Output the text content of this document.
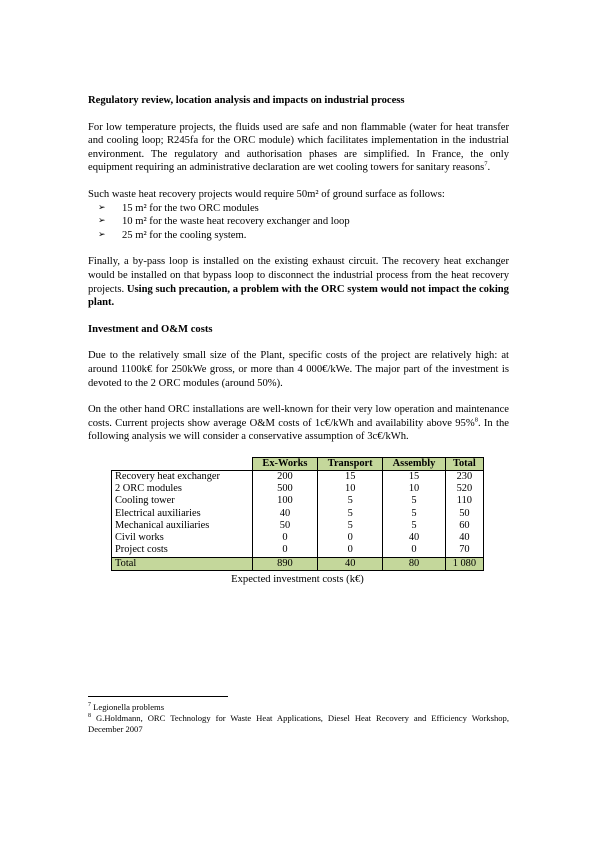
Regulatory review, location analysis and impacts on industrial process

For low temperature projects, the fluids used are safe and non flammable (water for heat transfer and cooling loop; R245fa for the ORC module) which facilitates implementation in the industrial environment. The regulatory and authorisation phases are simplified. In France, the only equipment requiring an administrative declaration are wet cooling towers for sanitary reasons$^7$.

Such waste heat recovery projects would require 50m² of ground surface as follows:

➢ 15 m² for the two ORC modules
➢ 10 m² for the waste heat recovery exchanger and loop
➢ 25 m² for the cooling system.

Finally, a by-pass loop is installed on the existing exhaust circuit. The recovery heat exchanger would be installed on that bypass loop to disconnect the industrial process from the heat recovery projects. Using such precaution, a problem with the ORC system would not impact the coking plant.

Investment and O&M costs

Due to the relatively small size of the Plant, specific costs of the project are relatively high: at around 1100k€ for 250kWe gross, or more than 4 000€/kWe. The major part of the investment is devoted to the 2 ORC modules (around 50%).

On the other hand ORC installations are well-known for their very low operation and maintenance costs. Current projects show average O&M costs of 1c€/kWh and availability above 95%$^8$. In the following analysis we will consider a conservative assumption of 3c€/kWh.

	Ex-Works	Transport	Assembly	Total
Recovery heat exchanger	200	15	15	230
2 ORC modules	500	10	10	520
Cooling tower	100	5	5	110
Electrical auxiliaries	40	5	5	50
Mechanical auxiliaries	50	5	5	60
Civil works	0	0	40	40
Project costs	0	0	0	70
Total	890	40	80	1 080
Expected investment costs (k€)
$^7$ Legionella problems
$^8$ G.Holdmann, ORC Technology for Waste Heat Applications, Diesel Heat Recovery and Efficiency Workshop, December 2007
